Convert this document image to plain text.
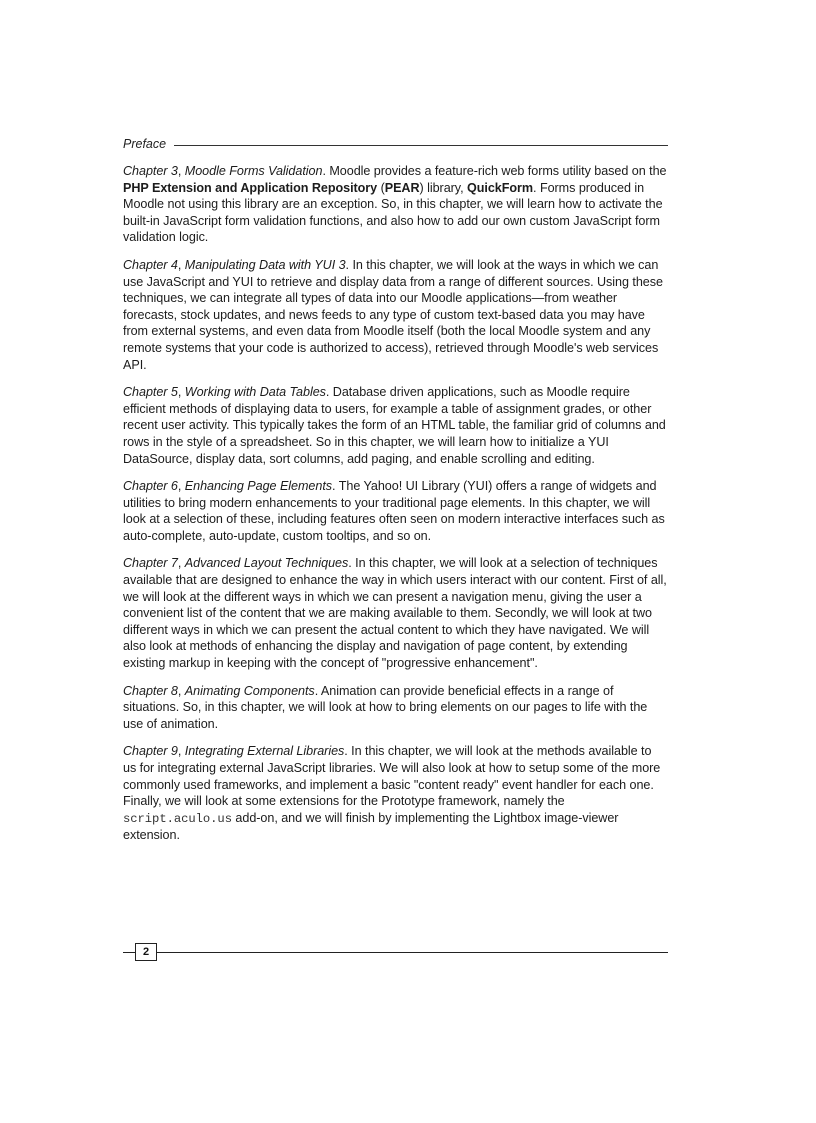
Preface

Chapter 3, Moodle Forms Validation. Moodle provides a feature-rich web forms utility based on the PHP Extension and Application Repository (PEAR) library, QuickForm. Forms produced in Moodle not using this library are an exception. So, in this chapter, we will learn how to activate the built-in JavaScript form validation functions, and also how to add our own custom JavaScript form validation logic.

Chapter 4, Manipulating Data with YUI 3. In this chapter, we will look at the ways in which we can use JavaScript and YUI to retrieve and display data from a range of different sources. Using these techniques, we can integrate all types of data into our Moodle applications—from weather forecasts, stock updates, and news feeds to any type of custom text-based data you may have from external systems, and even data from Moodle itself (both the local Moodle system and any remote systems that your code is authorized to access), retrieved through Moodle's web services API.

Chapter 5, Working with Data Tables. Database driven applications, such as Moodle require efficient methods of displaying data to users, for example a table of assignment grades, or other recent user activity. This typically takes the form of an HTML table, the familiar grid of columns and rows in the style of a spreadsheet. So in this chapter, we will learn how to initialize a YUI DataSource, display data, sort columns, add paging, and enable scrolling and editing.

Chapter 6, Enhancing Page Elements. The Yahoo! UI Library (YUI) offers a range of widgets and utilities to bring modern enhancements to your traditional page elements. In this chapter, we will look at a selection of these, including features often seen on modern interactive interfaces such as auto-complete, auto-update, custom tooltips, and so on.

Chapter 7, Advanced Layout Techniques. In this chapter, we will look at a selection of techniques available that are designed to enhance the way in which users interact with our content. First of all, we will look at the different ways in which we can present a navigation menu, giving the user a convenient list of the content that we are making available to them. Secondly, we will look at two different ways in which we can present the actual content to which they have navigated. We will also look at methods of enhancing the display and navigation of page content, by extending existing markup in keeping with the concept of "progressive enhancement".

Chapter 8, Animating Components. Animation can provide beneficial effects in a range of situations. So, in this chapter, we will look at how to bring elements on our pages to life with the use of animation.

Chapter 9, Integrating External Libraries. In this chapter, we will look at the methods available to us for integrating external JavaScript libraries. We will also look at how to setup some of the more commonly used frameworks, and implement a basic "content ready" event handler for each one. Finally, we will look at some extensions for the Prototype framework, namely the script.aculo.us add-on, and we will finish by implementing the Lightbox image-viewer extension.

2
